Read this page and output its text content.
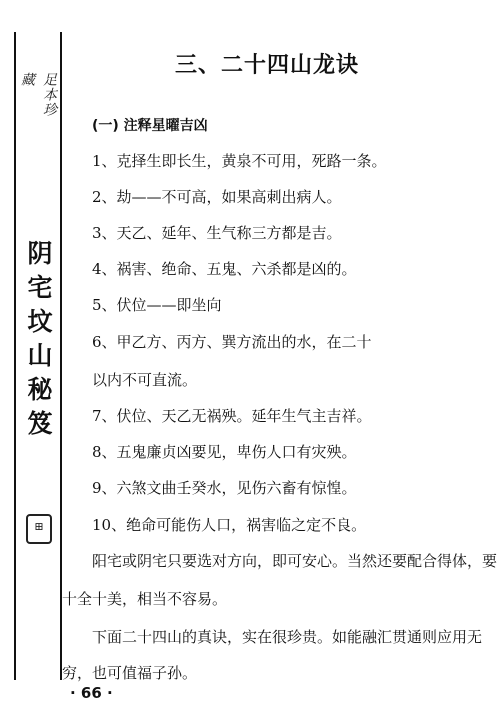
足本珍
藏
阴宅坟山秘笈
⊞
三、二十四山龙诀
(一) 注释星曜吉凶
1、克择生即长生，黄泉不可用，死路一条。
2、劫——不可高，如果高刺出病人。
3、天乙、延年、生气称三方都是吉。
4、祸害、绝命、五鬼、六杀都是凶的。
5、伏位——即坐向
6、甲乙方、丙方、巽方流出的水，在二十
以内不可直流。
7、伏位、天乙无祸殃。延年生气主吉祥。
8、五鬼廉贞凶要见，卑伤人口有灾殃。
9、六煞文曲壬癸水，见伤六畜有惊惶。
10、绝命可能伤人口，祸害临之定不良。
阳宅或阴宅只要选对方向，即可安心。当然还要配合得体，要
十全十美，相当不容易。
下面二十四山的真诀，实在很珍贵。如能融汇贯通则应用无
穷，也可值福子孙。
· 66 ·
